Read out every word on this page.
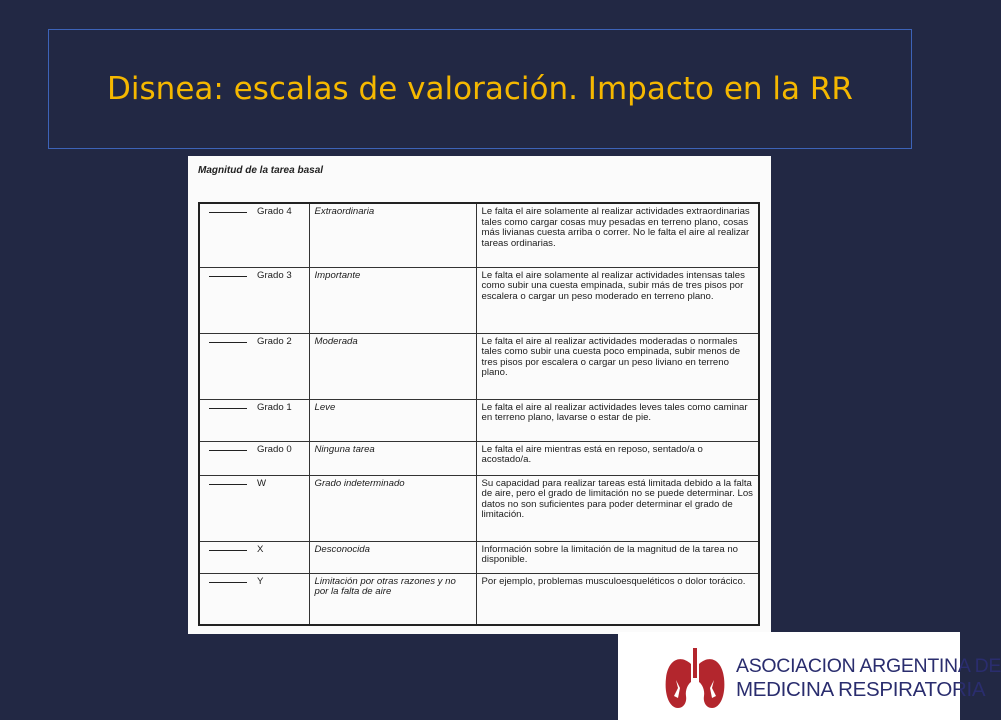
Disnea: escalas de valoración. Impacto en la RR
Magnitud de la tarea basal
Grado 4	Extraordinaria	Le falta el aire solamente al realizar actividades extraordinarias tales como cargar cosas muy pesadas en terreno plano, cosas más livianas cuesta arriba o correr. No le falta el aire al realizar tareas ordinarias.
Grado 3	Importante	Le falta el aire solamente al realizar actividades intensas tales como subir una cuesta empinada, subir más de tres pisos por escalera o cargar un peso moderado en terreno plano.
Grado 2	Moderada	Le falta el aire al realizar actividades moderadas o normales tales como subir una cuesta poco empinada, subir menos de tres pisos por escalera o cargar un peso liviano en terreno plano.
Grado 1	Leve	Le falta el aire al realizar actividades leves tales como caminar en terreno plano, lavarse o estar de pie.
Grado 0	Ninguna tarea	Le falta el aire mientras está en reposo, sentado/a o acostado/a.
W	Grado indeterminado	Su capacidad para realizar tareas está limitada debido a la falta de aire, pero el grado de limitación no se puede determinar. Los datos no son suficientes para poder determinar el grado de limitación.
X	Desconocida	Información sobre la limitación de la magnitud de la tarea no disponible.
Y	Limitación por otras razones y no por la falta de aire	Por ejemplo, problemas musculoesqueléticos o dolor torácico.
ASOCIACION ARGENTINA DE
MEDICINA RESPIRATORIA
